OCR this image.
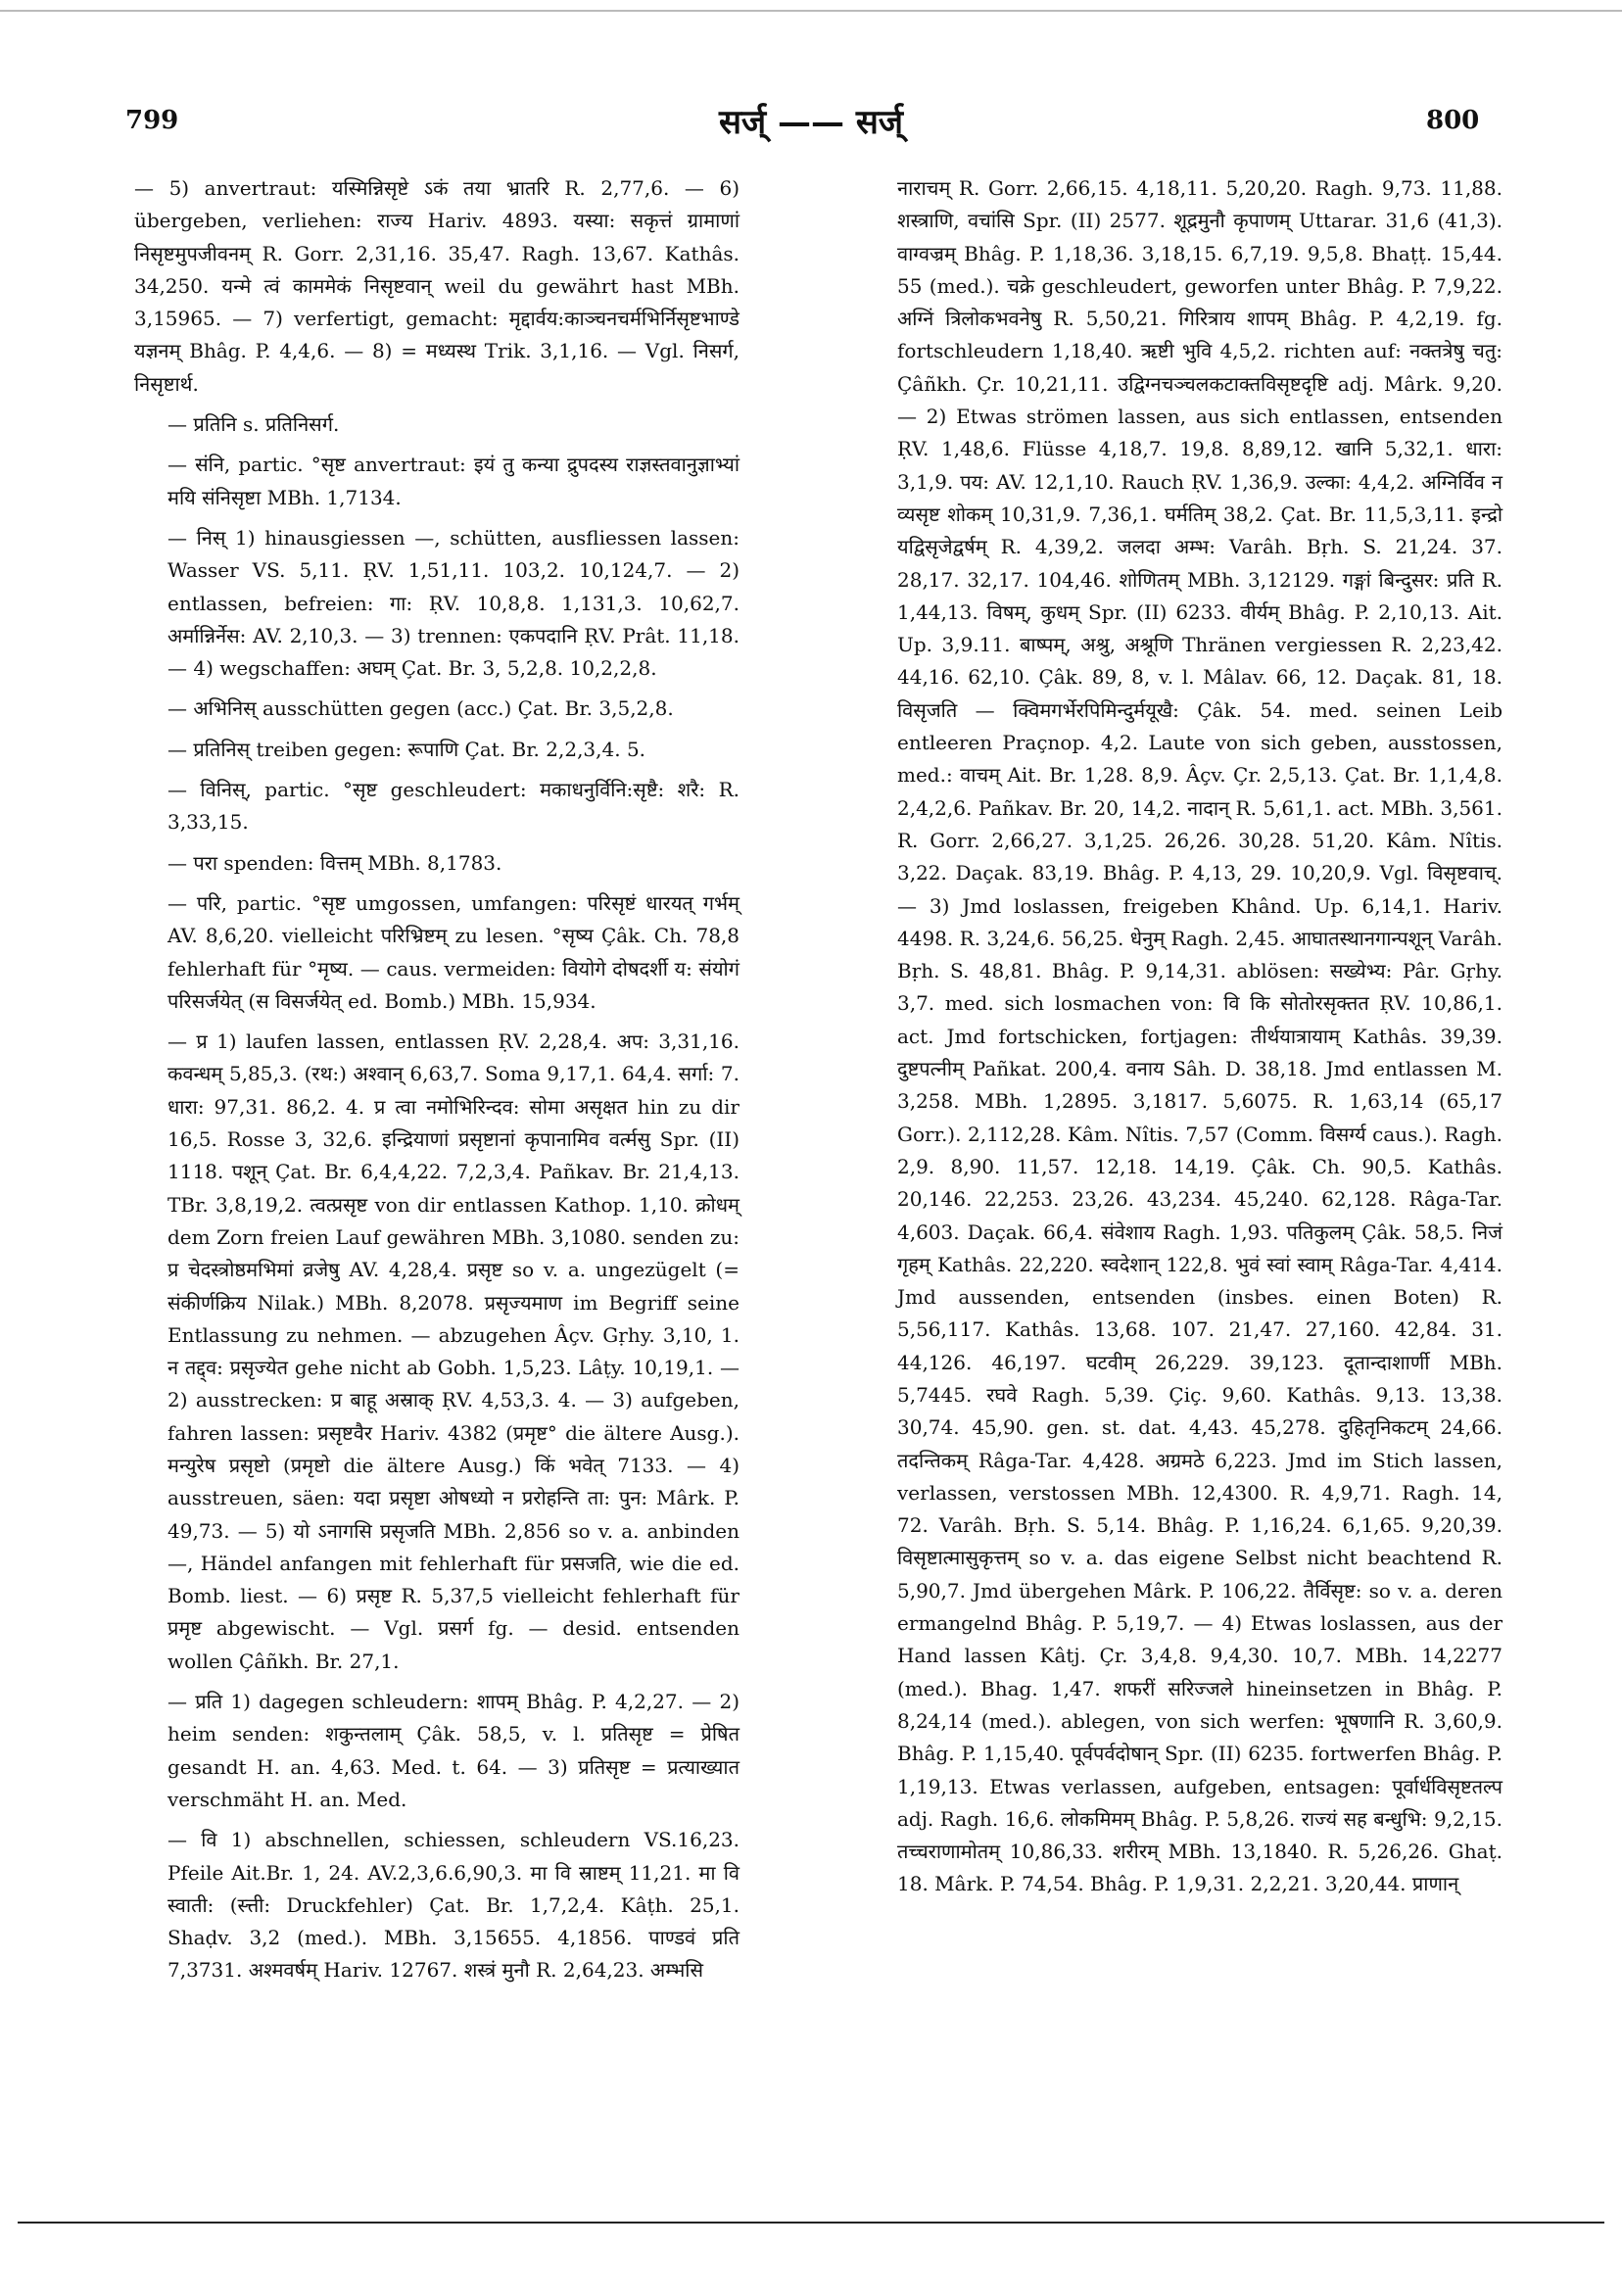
799	सर्ज् —— सर्ज्	800

— 5) anvertraut: यस्मिन्निसृष्टे ऽकं तया भ्रातरि R. 2,77,6. — 6) übergeben, verliehen: राज्य Hariv. 4893. यस्या: सकृत्तं ग्रामाणां निसृष्टमुपजीवनम् R. Gorr. 2,31,16. 35,47. Ragh. 13,67. Kathâs. 34,250. यन्मे त्वं काममेकं निसृष्टवान् weil du gewährt hast MBh. 3,15965. — 7) verfertigt, gemacht: मृद्दार्वय:काञ्चनचर्मभिर्निसृष्टभाण्डे यज्ञनम् Bhâg. P. 4,4,6. — 8) = मध्यस्थ Trik. 3,1,16. — Vgl. निसर्ग, निसृष्टार्थ.

— प्रतिनि s. प्रतिनिसर्ग.

— संनि, partic. °सृष्ट anvertraut: इयं तु कन्या द्रुपदस्य राज्ञस्तवानुज्ञाभ्यां मयि संनिसृष्टा MBh. 1,7134.

— निस् 1) hinausgiessen —, schütten, ausfliessen lassen: Wasser VS. 5,11. ṚV. 1,51,11. 103,2. 10,124,7. — 2) entlassen, befreien: गा: ṚV. 10,8,8. 1,131,3. 10,62,7. अर्मान्निर्नेस: AV. 2,10,3. — 3) trennen: एकपदानि ṚV. Prât. 11,18. — 4) wegschaffen: अघम् Çat. Br. 3, 5,2,8. 10,2,2,8.

— अभिनिस् ausschütten gegen (acc.) Çat. Br. 3,5,2,8.

— प्रतिनिस् treiben gegen: रूपाणि Çat. Br. 2,2,3,4. 5.

— विनिस्, partic. °सृष्ट geschleudert: मकाधनुर्विनि:सृष्टै: शरै: R. 3,33,15.

— परा spenden: वित्तम् MBh. 8,1783.

— परि, partic. °सृष्ट umgossen, umfangen: परिसृष्टं धारयत् गर्भम् AV. 8,6,20. vielleicht परिभ्रिष्टम् zu lesen. °सृष्य Çâk. Ch. 78,8 fehlerhaft für °मृष्य. — caus. vermeiden: वियोगे दोषदर्शी य: संयोगं परिसर्जयेत् (स विसर्जयेत् ed. Bomb.) MBh. 15,934.

— प्र 1) laufen lassen, entlassen ṚV. 2,28,4. अप: 3,31,16. कवन्धम् 5,85,3. (रथ:) अश्वान् 6,63,7. Soma 9,17,1. 64,4. सर्गा: 7. धारा: 97,31. 86,2. 4. प्र त्वा नमोभिरिन्दव: सोमा असृक्षत hin zu dir 16,5. Rosse 3, 32,6. इन्द्रियाणां प्रसृष्टानां कृपानामिव वर्त्मसु Spr. (II) 1118. पशून् Çat. Br. 6,4,4,22. 7,2,3,4. Pañkav. Br. 21,4,13. TBr. 3,8,19,2. त्वत्प्रसृष्ट von dir entlassen Kathop. 1,10. क्रोधम् dem Zorn freien Lauf gewähren MBh. 3,1080. senden zu: प्र चेदस्त्रोष्ठमभिमां व्रजेषु AV. 4,28,4. प्रसृष्ट so v. a. ungezügelt (= संकीर्णक्रिय Nilak.) MBh. 8,2078. प्रसृज्यमाण im Begriff seine Entlassung zu nehmen. — abzugehen Âçv. Gṛhy. 3,10, 1. न तद्द्व: प्रसृज्येत gehe nicht ab Gobh. 1,5,23. Lâṭy. 10,19,1. — 2) ausstrecken: प्र बाहू अस्राक् ṚV. 4,53,3. 4. — 3) aufgeben, fahren lassen: प्रसृष्टवैर Hariv. 4382 (प्रमृष्ट° die ältere Ausg.). मन्युरेष प्रसृष्टो (प्रमृष्टो die ältere Ausg.) किं भवेत् 7133. — 4) ausstreuen, säen: यदा प्रसृष्टा ओषध्यो न प्ररोहन्ति ता: पुन: Mârk. P. 49,73. — 5) यो ऽनागसि प्रसृजति MBh. 2,856 so v. a. anbinden —, Händel anfangen mit fehlerhaft für प्रसजति, wie die ed. Bomb. liest. — 6) प्रसृष्ट R. 5,37,5 vielleicht fehlerhaft für प्रमृष्ट abgewischt. — Vgl. प्रसर्ग fg. — desid. entsenden wollen Çâñkh. Br. 27,1.

— प्रति 1) dagegen schleudern: शापम् Bhâg. P. 4,2,27. — 2) heim senden: शकुन्तलाम् Çâk. 58,5, v. l. प्रतिसृष्ट = प्रेषित gesandt H. an. 4,63. Med. t. 64. — 3) प्रतिसृष्ट = प्रत्याख्यात verschmäht H. an. Med.

— वि 1) abschnellen, schiessen, schleudern VS.16,23. Pfeile Ait.Br. 1, 24. AV.2,3,6.6,90,3. मा वि स्राष्टम् 11,21. मा वि स्वाती: (स्त्ती: Druckfehler) Çat. Br. 1,7,2,4. Kâṭh. 25,1. Shaḍv. 3,2 (med.). MBh. 3,15655. 4,1856. पाण्डवं प्रति 7,3731. अश्मवर्षम् Hariv. 12767. शस्त्रं मुनौ R. 2,64,23. अम्भसि

नाराचम् R. Gorr. 2,66,15. 4,18,11. 5,20,20. Ragh. 9,73. 11,88. शस्त्राणि, वचांसि Spr. (II) 2577. शूद्रमुनौ कृपाणम् Uttarar. 31,6 (41,3). वाग्वज्रम् Bhâg. P. 1,18,36. 3,18,15. 6,7,19. 9,5,8. Bhaṭṭ. 15,44. 55 (med.). चक्रे geschleudert, geworfen unter Bhâg. P. 7,9,22. अग्निं त्रिलोकभवनेषु R. 5,50,21. गिरित्राय शापम् Bhâg. P. 4,2,19. fg. fortschleudern 1,18,40. ऋष्टी भुवि 4,5,2. richten auf: नक्तत्रेषु चतु: Çâñkh. Çr. 10,21,11. उद्विग्नचञ्चलकटाक्तविसृष्टदृष्टि adj. Mârk. 9,20. — 2) Etwas strömen lassen, aus sich entlassen, entsenden ṚV. 1,48,6. Flüsse 4,18,7. 19,8. 8,89,12. खानि 5,32,1. धारा: 3,1,9. पय: AV. 12,1,10. Rauch ṚV. 1,36,9. उल्का: 4,4,2. अग्निर्विव न व्यसृष्ट शोकम् 10,31,9. 7,36,1. घर्मतिम् 38,2. Çat. Br. 11,5,3,11. इन्द्रो यद्विसृजेद्वर्षम् R. 4,39,2. जलदा अम्भ: Varâh. Bṛh. S. 21,24. 37. 28,17. 32,17. 104,46. शोणितम् MBh. 3,12129. गङ्गां बिन्दुसर: प्रति R. 1,44,13. विषम्, कुधम् Spr. (II) 6233. वीर्यम् Bhâg. P. 2,10,13. Ait. Up. 3,9.11. बाष्पम्, अश्रु, अश्रूणि Thränen vergiessen R. 2,23,42. 44,16. 62,10. Çâk. 89, 8, v. l. Mâlav. 66, 12. Daçak. 81, 18. विसृजति — क्विमगर्भेरपिमिन्दुर्मयूखै: Çâk. 54. med. seinen Leib entleeren Praçnop. 4,2. Laute von sich geben, ausstossen, med.: वाचम् Ait. Br. 1,28. 8,9. Âçv. Çr. 2,5,13. Çat. Br. 1,1,4,8. 2,4,2,6. Pañkav. Br. 20, 14,2. नादान् R. 5,61,1. act. MBh. 3,561. R. Gorr. 2,66,27. 3,1,25. 26,26. 30,28. 51,20. Kâm. Nîtis. 3,22. Daçak. 83,19. Bhâg. P. 4,13, 29. 10,20,9. Vgl. विसृष्टवाच्. — 3) Jmd loslassen, freigeben Khând. Up. 6,14,1. Hariv. 4498. R. 3,24,6. 56,25. धेनुम् Ragh. 2,45. आघातस्थानगान्पशून् Varâh. Bṛh. S. 48,81. Bhâg. P. 9,14,31. ablösen: सख्येभ्य: Pâr. Gṛhy. 3,7. med. sich losmachen von: वि कि सोतोरसृक्तत ṚV. 10,86,1. act. Jmd fortschicken, fortjagen: तीर्थयात्रायाम् Kathâs. 39,39. दुष्टपत्नीम् Pañkat. 200,4. वनाय Sâh. D. 38,18. Jmd entlassen M. 3,258. MBh. 1,2895. 3,1817. 5,6075. R. 1,63,14 (65,17 Gorr.). 2,112,28. Kâm. Nîtis. 7,57 (Comm. विसर्ग्य caus.). Ragh. 2,9. 8,90. 11,57. 12,18. 14,19. Çâk. Ch. 90,5. Kathâs. 20,146. 22,253. 23,26. 43,234. 45,240. 62,128. Râga-Tar. 4,603. Daçak. 66,4. संवेशाय Ragh. 1,93. पतिकुलम् Çâk. 58,5. निजं गृहम् Kathâs. 22,220. स्वदेशान् 122,8. भुवं स्वां स्वाम् Râga-Tar. 4,414. Jmd aussenden, entsenden (insbes. einen Boten) R. 5,56,117. Kathâs. 13,68. 107. 21,47. 27,160. 42,84. 31. 44,126. 46,197. घटवीम् 26,229. 39,123. दूतान्दाशार्णी MBh. 5,7445. रघवे Ragh. 5,39. Çiç. 9,60. Kathâs. 9,13. 13,38. 30,74. 45,90. gen. st. dat. 4,43. 45,278. दुहितृनिकटम् 24,66. तदन्तिकम् Râga-Tar. 4,428. अग्रमठे 6,223. Jmd im Stich lassen, verlassen, verstossen MBh. 12,4300. R. 4,9,71. Ragh. 14, 72. Varâh. Bṛh. S. 5,14. Bhâg. P. 1,16,24. 6,1,65. 9,20,39. विसृष्टात्मासुकृत्तम् so v. a. das eigene Selbst nicht beachtend R. 5,90,7. Jmd übergehen Mârk. P. 106,22. तैर्विसृष्ट: so v. a. deren ermangelnd Bhâg. P. 5,19,7. — 4) Etwas loslassen, aus der Hand lassen Kâtj. Çr. 3,4,8. 9,4,30. 10,7. MBh. 14,2277 (med.). Bhag. 1,47. शफरीं सरिज्जले hineinsetzen in Bhâg. P. 8,24,14 (med.). ablegen, von sich werfen: भूषणानि R. 3,60,9. Bhâg. P. 1,15,40. पूर्वपर्वदोषान् Spr. (II) 6235. fortwerfen Bhâg. P. 1,19,13. Etwas verlassen, aufgeben, entsagen: पूर्वार्धविसृष्टतल्प adj. Ragh. 16,6. लोकमिमम् Bhâg. P. 5,8,26. राज्यं सह बन्धुभि: 9,2,15. तच्चराणामोतम् 10,86,33. शरीरम् MBh. 13,1840. R. 5,26,26. Ghaṭ. 18. Mârk. P. 74,54. Bhâg. P. 1,9,31. 2,2,21. 3,20,44. प्राणान्
